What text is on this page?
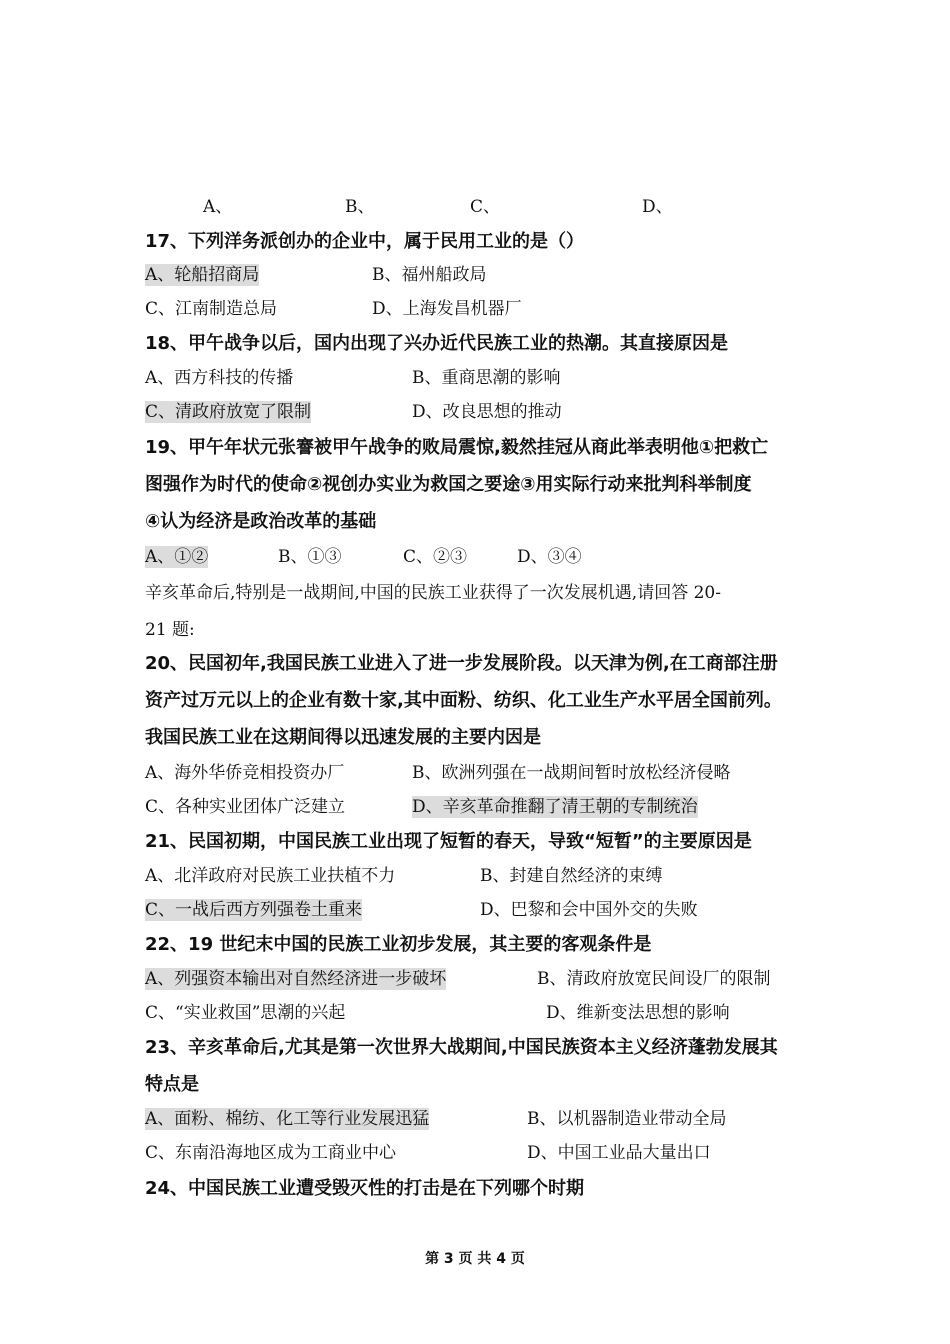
A、	B、	C、	D、
17、下列洋务派创办的企业中，属于民用工业的是（）
A、轮船招商局	B、福州船政局
C、江南制造总局	D、上海发昌机器厂
18、甲午战争以后，国内出现了兴办近代民族工业的热潮。其直接原因是
A、西方科技的传播	B、重商思潮的影响
C、清政府放宽了限制	D、改良思想的推动
19、甲午年状元张謇被甲午战争的败局震惊,毅然挂冠从商此举表明他①把救亡
图强作为时代的使命②视创办实业为救国之要途③用实际行动来批判科举制度
④认为经济是政治改革的基础
A、①②	B、①③	C、②③	D、③④
辛亥革命后,特别是一战期间,中国的民族工业获得了一次发展机遇,请回答 20-
21 题:
20、民国初年,我国民族工业进入了进一步发展阶段。以天津为例,在工商部注册
资产过万元以上的企业有数十家,其中面粉、纺织、化工业生产水平居全国前列。
我国民族工业在这期间得以迅速发展的主要内因是
A、海外华侨竞相投资办厂	B、欧洲列强在一战期间暂时放松经济侵略
C、各种实业团体广泛建立	D、辛亥革命推翻了清王朝的专制统治
21、民国初期，中国民族工业出现了短暂的春天，导致“短暂”的主要原因是
A、北洋政府对民族工业扶植不力	B、封建自然经济的束缚
C、一战后西方列强卷土重来	D、巴黎和会中国外交的失败
22、19 世纪末中国的民族工业初步发展，其主要的客观条件是
A、列强资本输出对自然经济进一步破坏	B、清政府放宽民间设厂的限制
C、“实业救国”思潮的兴起	D、维新变法思想的影响
23、辛亥革命后,尤其是第一次世界大战期间,中国民族资本主义经济蓬勃发展其
特点是
A、面粉、棉纺、化工等行业发展迅猛	B、以机器制造业带动全局
C、东南沿海地区成为工商业中心	D、中国工业品大量出口
24、中国民族工业遭受毁灭性的打击是在下列哪个时期
第 3 页 共 4 页
